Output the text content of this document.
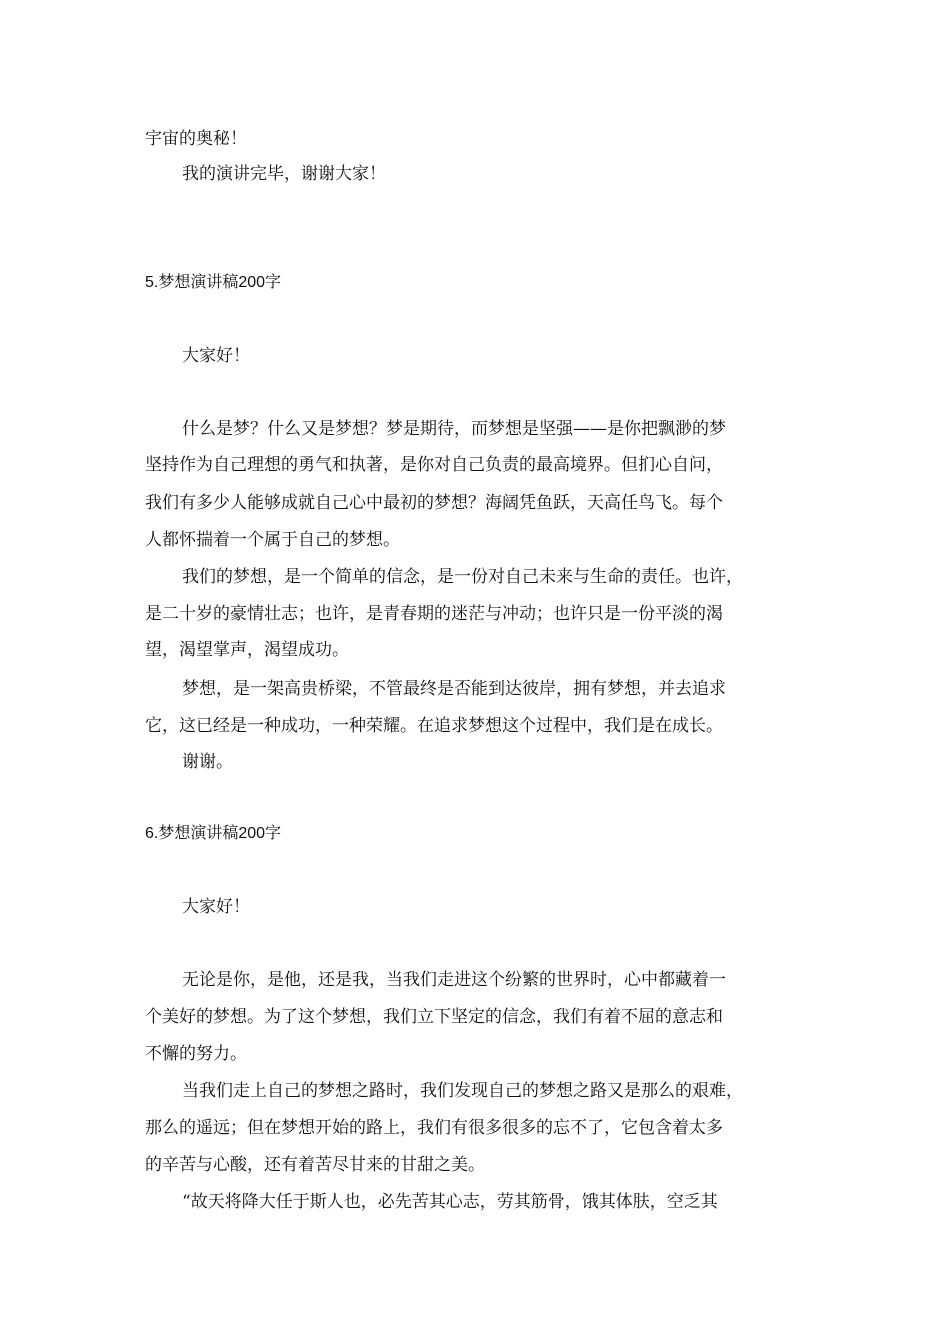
宇宙的奥秘！
我的演讲完毕，谢谢大家！
5.梦想演讲稿200字
大家好！
什么是梦？什么又是梦想？梦是期待，而梦想是坚强——是你把飘渺的梦
坚持作为自己理想的勇气和执著，是你对自己负责的最高境界。但扪心自问，
我们有多少人能够成就自己心中最初的梦想？海阔凭鱼跃，天高任鸟飞。每个
人都怀揣着一个属于自己的梦想。
我们的梦想，是一个简单的信念，是一份对自己未来与生命的责任。也许，
是二十岁的豪情壮志；也许，是青春期的迷茫与冲动；也许只是一份平淡的渴
望，渴望掌声，渴望成功。
梦想，是一架高贵桥梁，不管最终是否能到达彼岸，拥有梦想，并去追求
它，这已经是一种成功，一种荣耀。在追求梦想这个过程中，我们是在成长。
谢谢。
6.梦想演讲稿200字
大家好！
无论是你，是他，还是我，当我们走进这个纷繁的世界时，心中都藏着一
个美好的梦想。为了这个梦想，我们立下坚定的信念，我们有着不屈的意志和
不懈的努力。
当我们走上自己的梦想之路时，我们发现自己的梦想之路又是那么的艰难，
那么的遥远；但在梦想开始的路上，我们有很多很多的忘不了，它包含着太多
的辛苦与心酸，还有着苦尽甘来的甘甜之美。
“故天将降大任于斯人也，必先苦其心志，劳其筋骨，饿其体肤，空乏其
